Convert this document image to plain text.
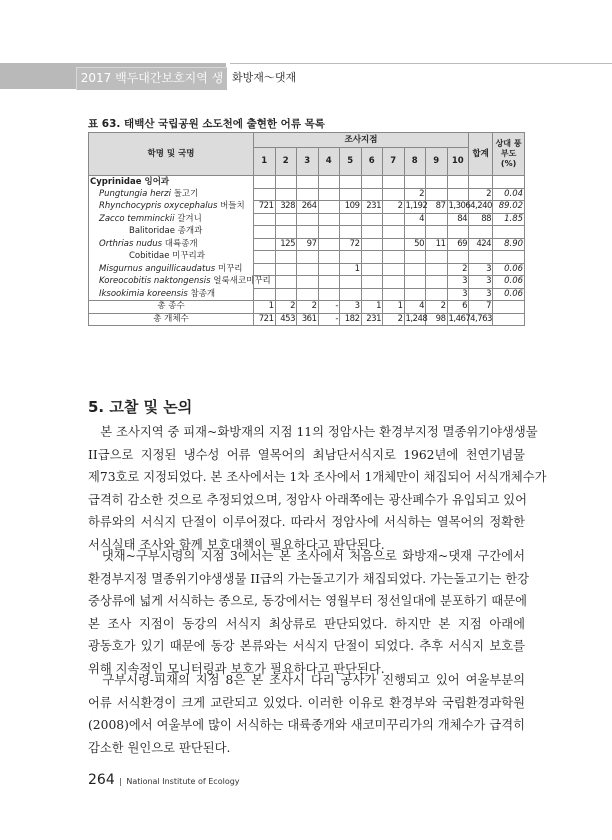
2017 백두대간보호지역 생태계 조사
화방재～댓재
표 63. 태백산 국립공원 소도천에 출현한 어류 목록
학명 및 국명	조사지점										합계	상대 풍부도 (%)
	1	2	3	4	5	6	7	8	9	10		
Cyprinidae 잉어과												
Pungtungia herzi 돌고기								2			2	0.04
Rhynchocypris oxycephalus 버들치	721	328	264		109	231	2	1,192	87	1,306	4,240	89.02
Zacco temminckii 갈겨니								4		84	88	1.85
Balitoridae 종개과												
Orthrias nudus 대륙종개		125	97		72			50	11	69	424	8.90
Cobitidae 미꾸리과												
Misgurnus anguillicaudatus 미꾸리					1					2	3	0.06
Koreocobitis naktongensis 얼룩새코미꾸리										3	3	0.06
Iksookimia koreensis 참종개										3	3	0.06
총 종수	1	2	2	-	3	1	1	4	2	6	7	
총 개체수	721	453	361	-	182	231	2	1,248	98	1,467	4,763	
5. 고찰 및 논의
　본 조사지역 중 피재~화방재의 지점 11의 정암사는 환경부지정 멸종위기야생생물
II급으로 지정된 냉수성 어류 열목어의 최남단서식지로 1962년에 천연기념물
제73호로 지정되었다. 본 조사에서는 1차 조사에서 1개체만이 채집되어 서식개체수가
급격히 감소한 것으로 추정되었으며, 정암사 아래쪽에는 광산폐수가 유입되고 있어
하류와의 서식지 단절이 이루어졌다. 따라서 정암사에 서식하는 열목어의 정확한
서식실태 조사와 함께 보호대책이 필요하다고 판단된다.
　댓재~구부시령의 지점 3에서는 본 조사에서 처음으로 화방재~댓재 구간에서
환경부지정 멸종위기야생생물 II급의 가는돌고기가 채집되었다. 가는돌고기는 한강
중상류에 넓게 서식하는 종으로, 동강에서는 영월부터 정선일대에 분포하기 때문에
본 조사 지점이 동강의 서식지 최상류로 판단되었다. 하지만 본 지점 아래에
광동호가 있기 때문에 동강 본류와는 서식지 단절이 되었다. 추후 서식지 보호를
위해 지속적인 모니터링과 보호가 필요하다고 판단된다.
　구부시령-피재의 지점 8은 본 조사시 다리 공사가 진행되고 있어 여울부분의
어류 서식환경이 크게 교란되고 있었다. 이러한 이유로 환경부와 국립환경과학원
(2008)에서 여울부에 많이 서식하는 대륙종개와 새코미꾸리가의 개체수가 급격히
감소한 원인으로 판단된다.
264 | National Institute of Ecology
